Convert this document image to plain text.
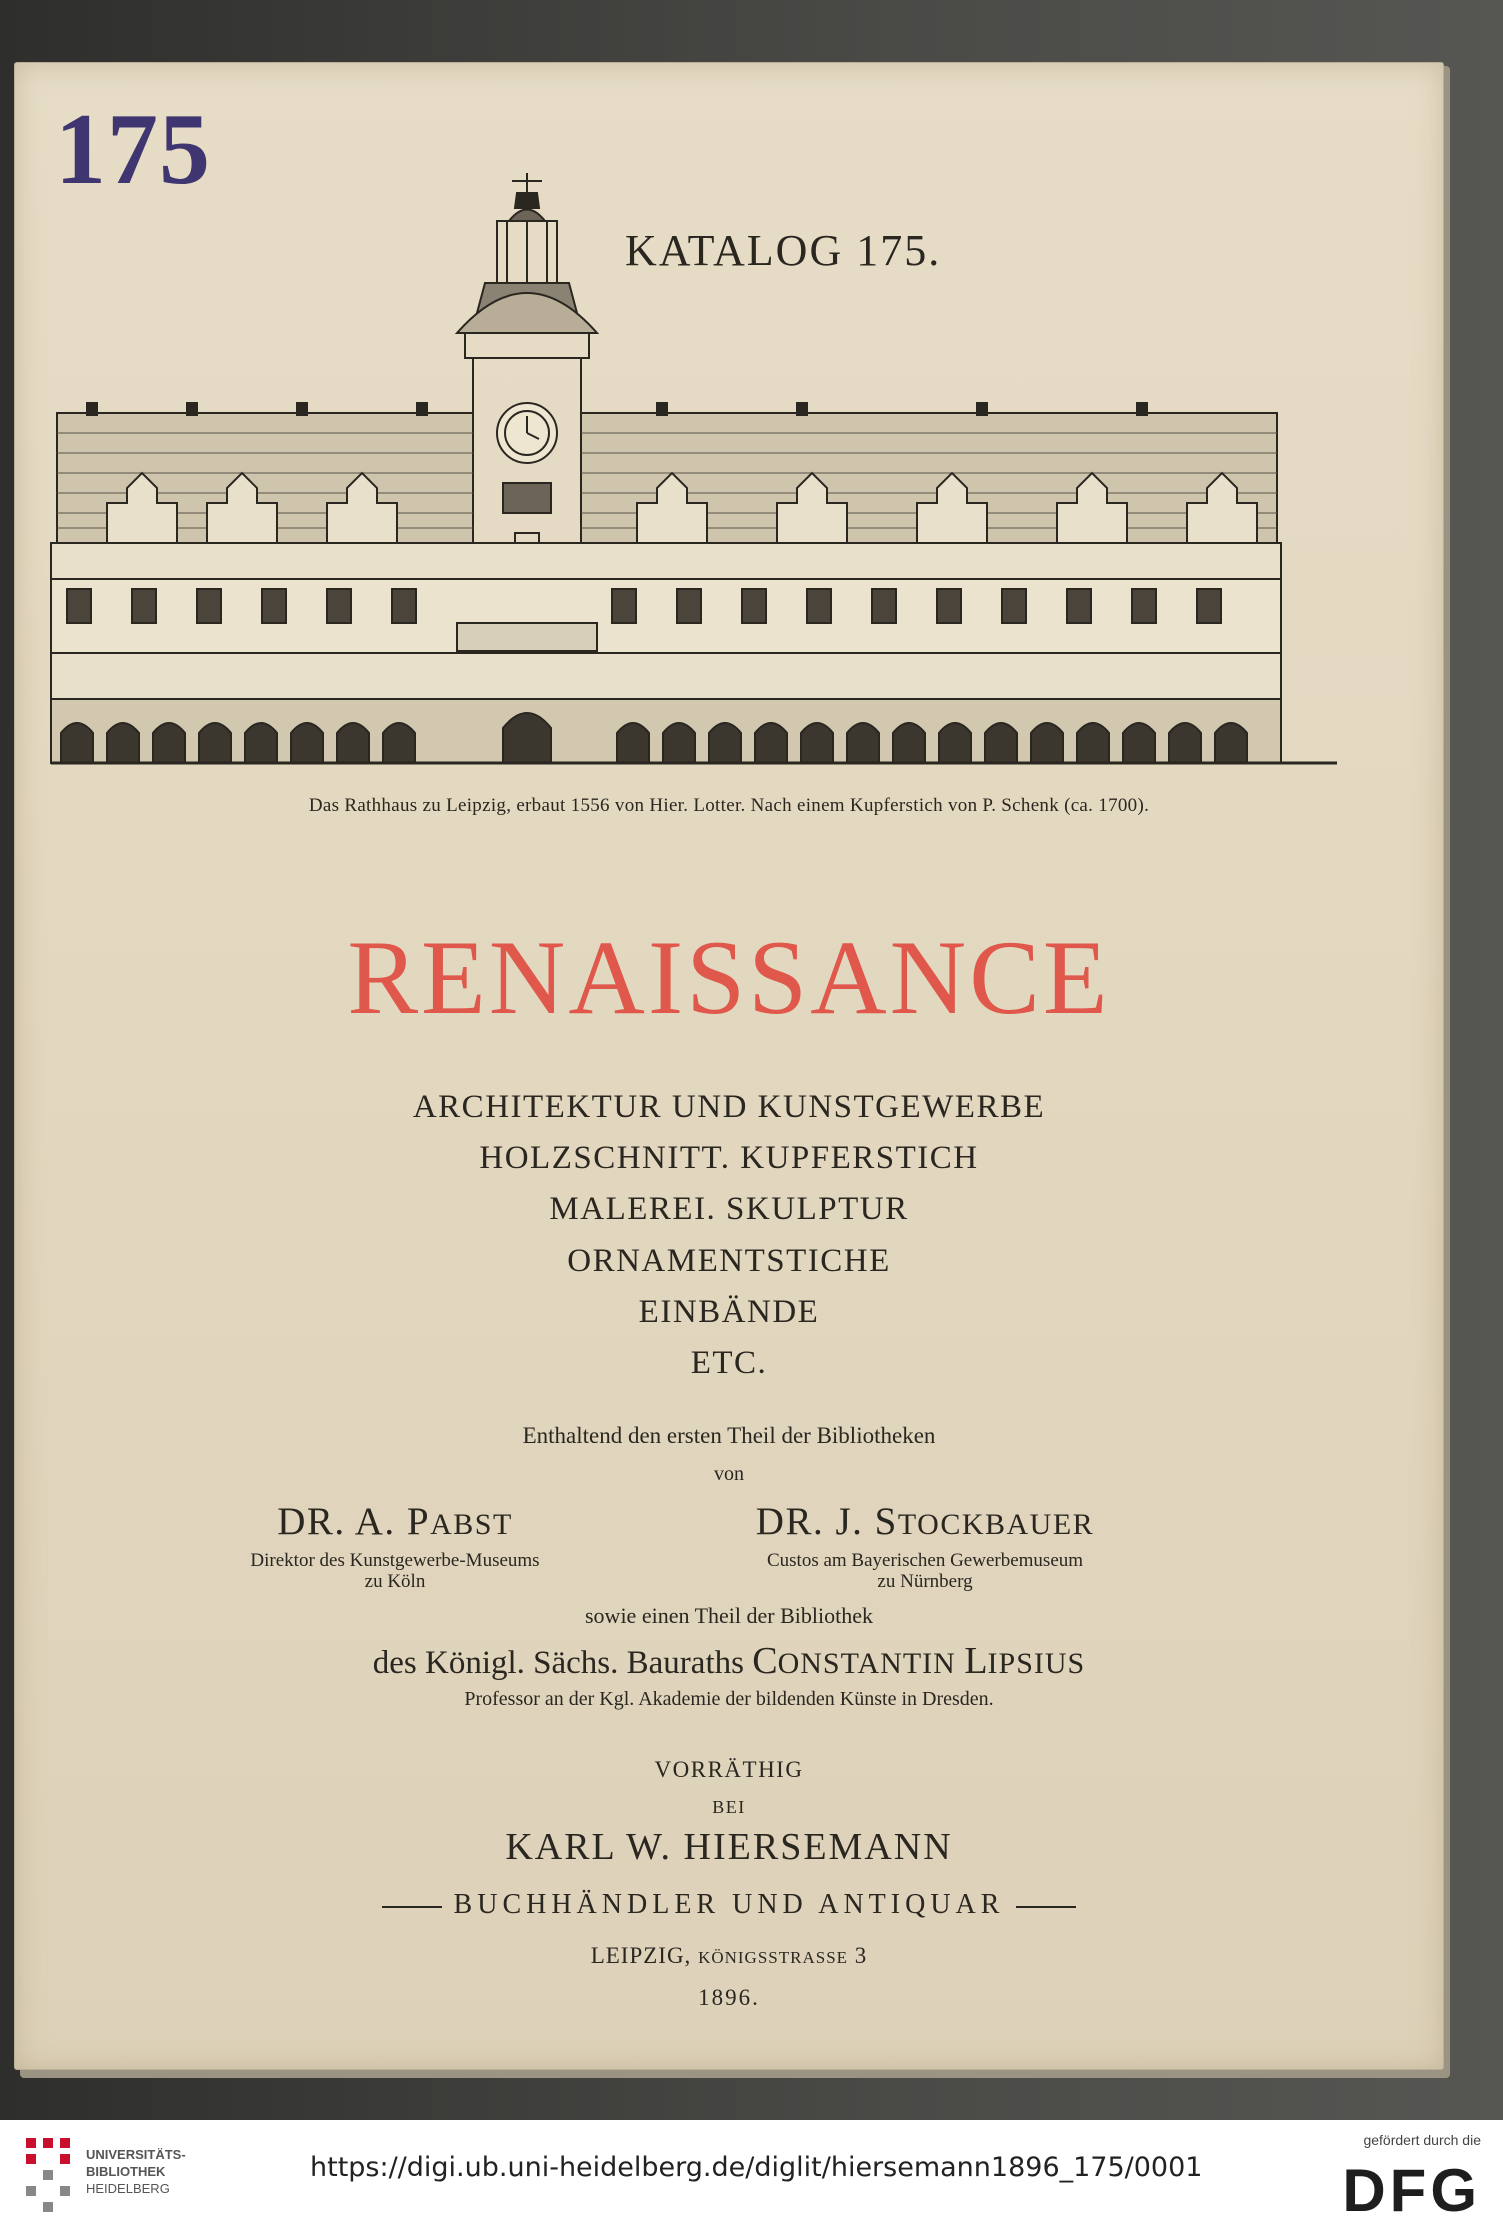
175
KATALOG 175.
Das Rathhaus zu Leipzig, erbaut 1556 von Hier. Lotter. Nach einem Kupferstich von P. Schenk (ca. 1700).
RENAISSANCE
ARCHITEKTUR UND KUNSTGEWERBE
HOLZSCHNITT. KUPFERSTICH
MALEREI. SKULPTUR
ORNAMENTSTICHE
EINBÄNDE
ETC.
Enthaltend den ersten Theil der Bibliotheken
von
DR. A. PABST
Direktor des Kunstgewerbe-Museums
zu Köln
DR. J. STOCKBAUER
Custos am Bayerischen Gewerbemuseum
zu Nürnberg
sowie einen Theil der Bibliothek
des Königl. Sächs. Bauraths CONSTANTIN LIPSIUS
Professor an der Kgl. Akademie der bildenden Künste in Dresden.
VORRÄTHIG
BEI
KARL W. HIERSEMANN
BUCHHÄNDLER UND ANTIQUAR
LEIPZIG, KÖNIGSSTRASSE 3
1896.
UNIVERSITÄTS-
BIBLIOTHEK
HEIDELBERG
https://digi.ub.uni-heidelberg.de/diglit/hiersemann1896_175/0001
gefördert durch die
DFG
